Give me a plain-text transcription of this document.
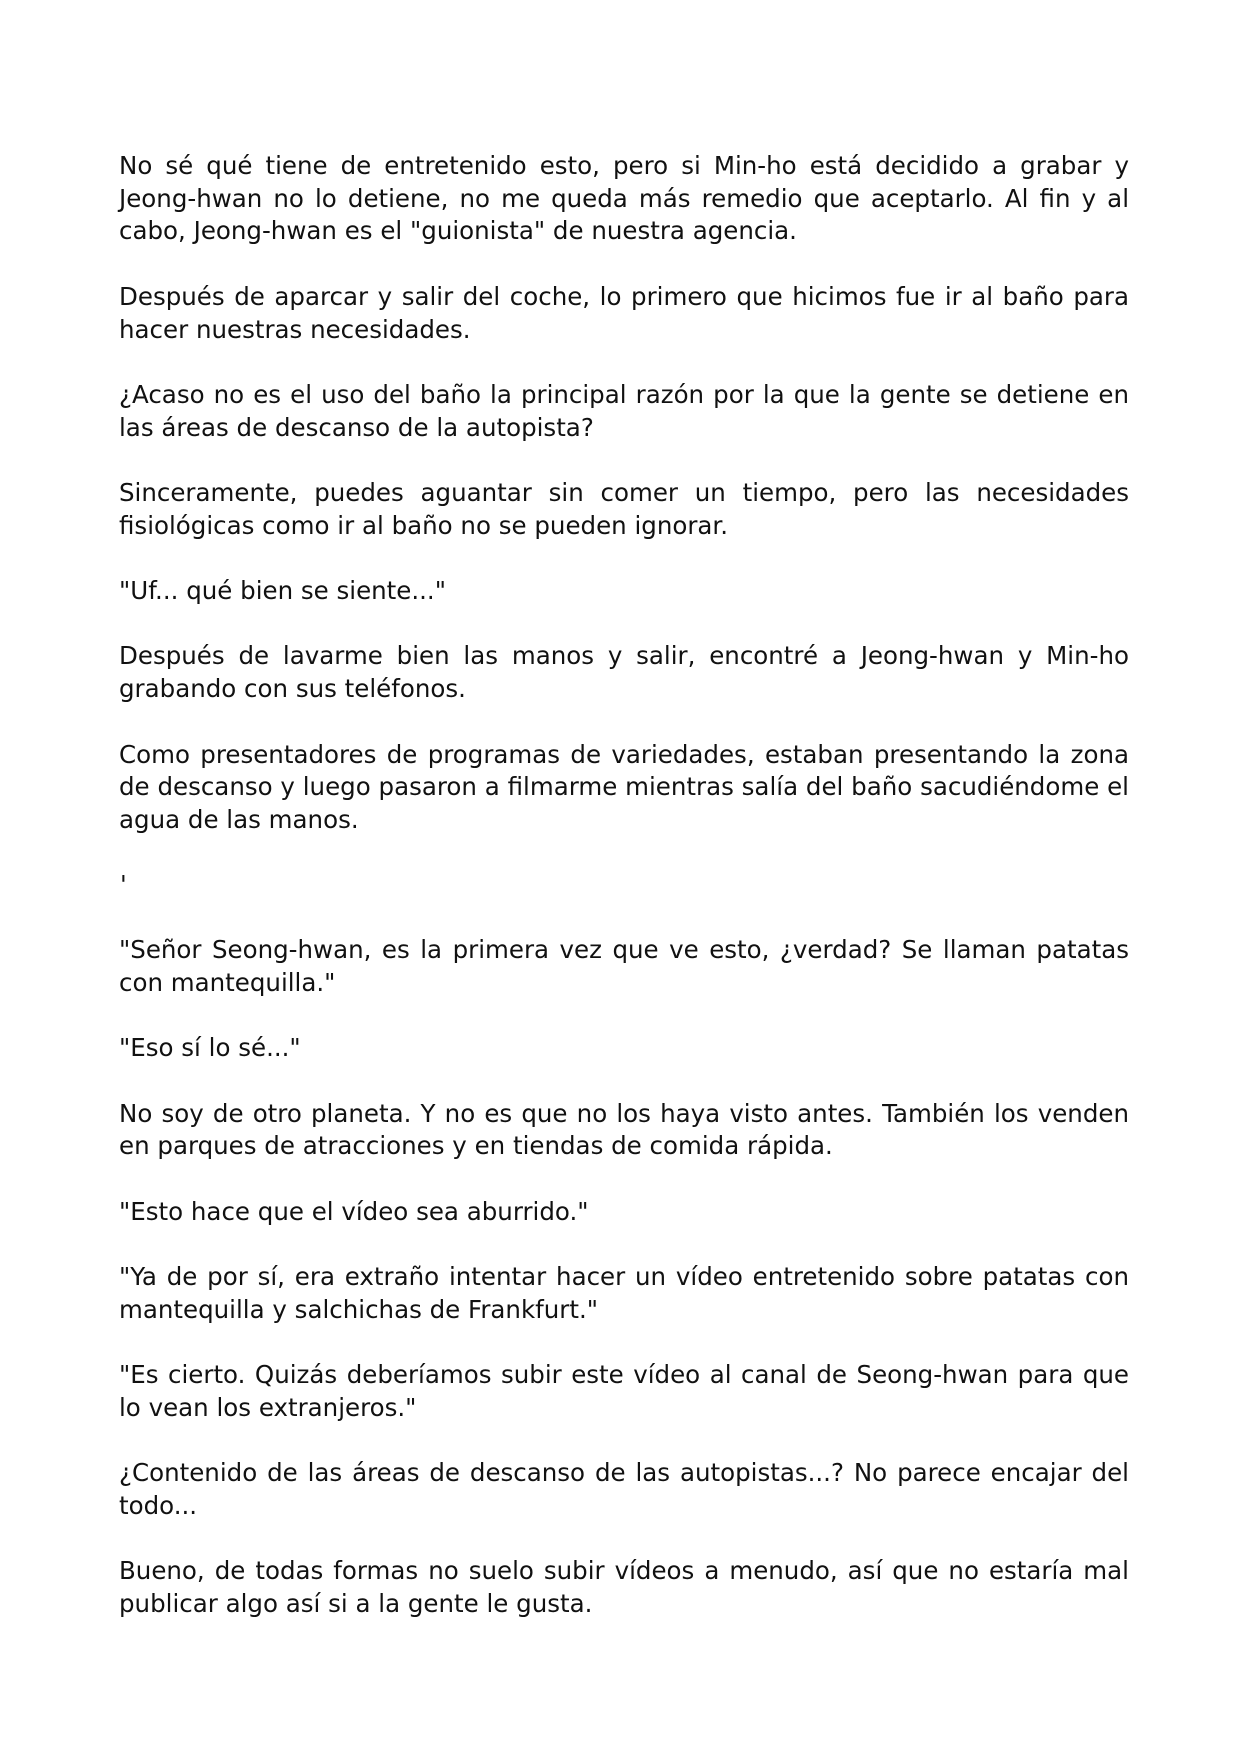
No sé qué tiene de entretenido esto, pero si Min-ho está decidido a grabar y Jeong-hwan no lo detiene, no me queda más remedio que aceptarlo. Al fin y al cabo, Jeong-hwan es el "guionista" de nuestra agencia.

Después de aparcar y salir del coche, lo primero que hicimos fue ir al baño para hacer nuestras necesidades.

¿Acaso no es el uso del baño la principal razón por la que la gente se detiene en las áreas de descanso de la autopista?

Sinceramente, puedes aguantar sin comer un tiempo, pero las necesidades fisiológicas como ir al baño no se pueden ignorar.

"Uf... qué bien se siente..."

Después de lavarme bien las manos y salir, encontré a Jeong-hwan y Min-ho grabando con sus teléfonos.

Como presentadores de programas de variedades, estaban presentando la zona de descanso y luego pasaron a filmarme mientras salía del baño sacudiéndome el agua de las manos.

'

"Señor Seong-hwan, es la primera vez que ve esto, ¿verdad? Se llaman patatas con mantequilla."

"Eso sí lo sé..."

No soy de otro planeta. Y no es que no los haya visto antes. También los venden en parques de atracciones y en tiendas de comida rápida.

"Esto hace que el vídeo sea aburrido."

"Ya de por sí, era extraño intentar hacer un vídeo entretenido sobre patatas con mantequilla y salchichas de Frankfurt."

"Es cierto. Quizás deberíamos subir este vídeo al canal de Seong-hwan para que lo vean los extranjeros."

¿Contenido de las áreas de descanso de las autopistas...? No parece encajar del todo...

Bueno, de todas formas no suelo subir vídeos a menudo, así que no estaría mal publicar algo así si a la gente le gusta.
